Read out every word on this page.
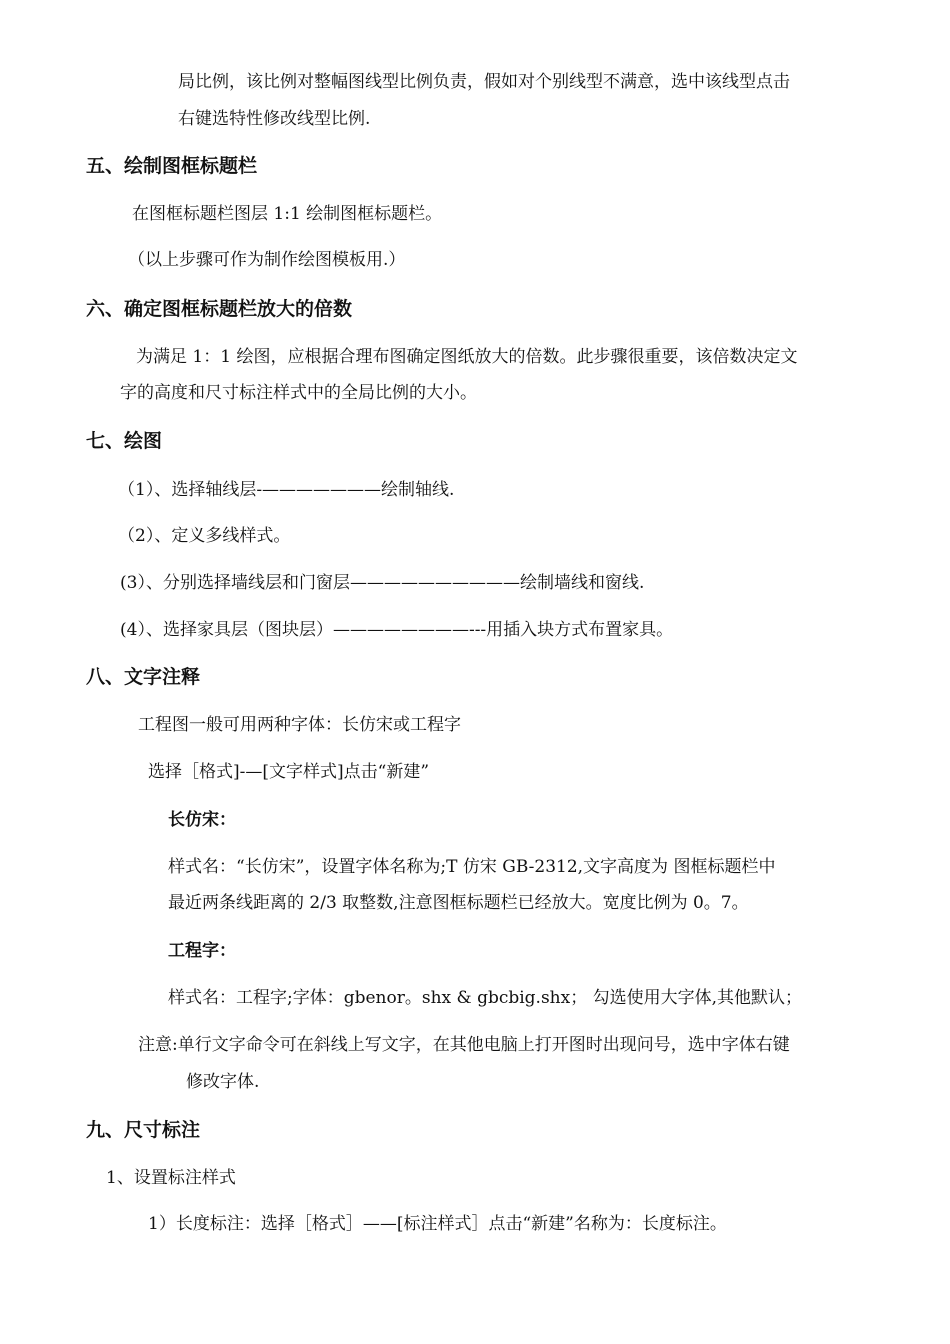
局比例，该比例对整幅图线型比例负责，假如对个别线型不满意，选中该线型点击
右键选特性修改线型比例.
五、绘制图框标题栏
在图框标题栏图层 1:1 绘制图框标题栏。
（以上步骤可作为制作绘图模板用.）
六、确定图框标题栏放大的倍数
为满足 1：1 绘图，应根据合理布图确定图纸放大的倍数。此步骤很重要，该倍数决定文
字的高度和尺寸标注样式中的全局比例的大小。
七、绘图
（1）、选择轴线层-———————绘制轴线.
（2）、定义多线样式。
(3）、分别选择墙线层和门窗层——————————绘制墙线和窗线.
(4）、选择家具层（图块层）————————---用插入块方式布置家具。
八、文字注释
工程图一般可用两种字体：长仿宋或工程字
选择［格式]-—[文字样式]点击“新建”
长仿宋：
样式名：“长仿宋”，设置字体名称为;T 仿宋 GB-2312,文字高度为 图框标题栏中
最近两条线距离的 2/3 取整数,注意图框标题栏已经放大。宽度比例为 0。7。
工程字：
样式名：工程字;字体：gbenor。shx & gbcbig.shx； 勾选使用大字体,其他默认；
注意:单行文字命令可在斜线上写文字，在其他电脑上打开图时出现问号，选中字体右键
修改字体.
九、尺寸标注
1、设置标注样式
1）长度标注：选择［格式］——[标注样式］点击“新建”名称为：长度标注。
